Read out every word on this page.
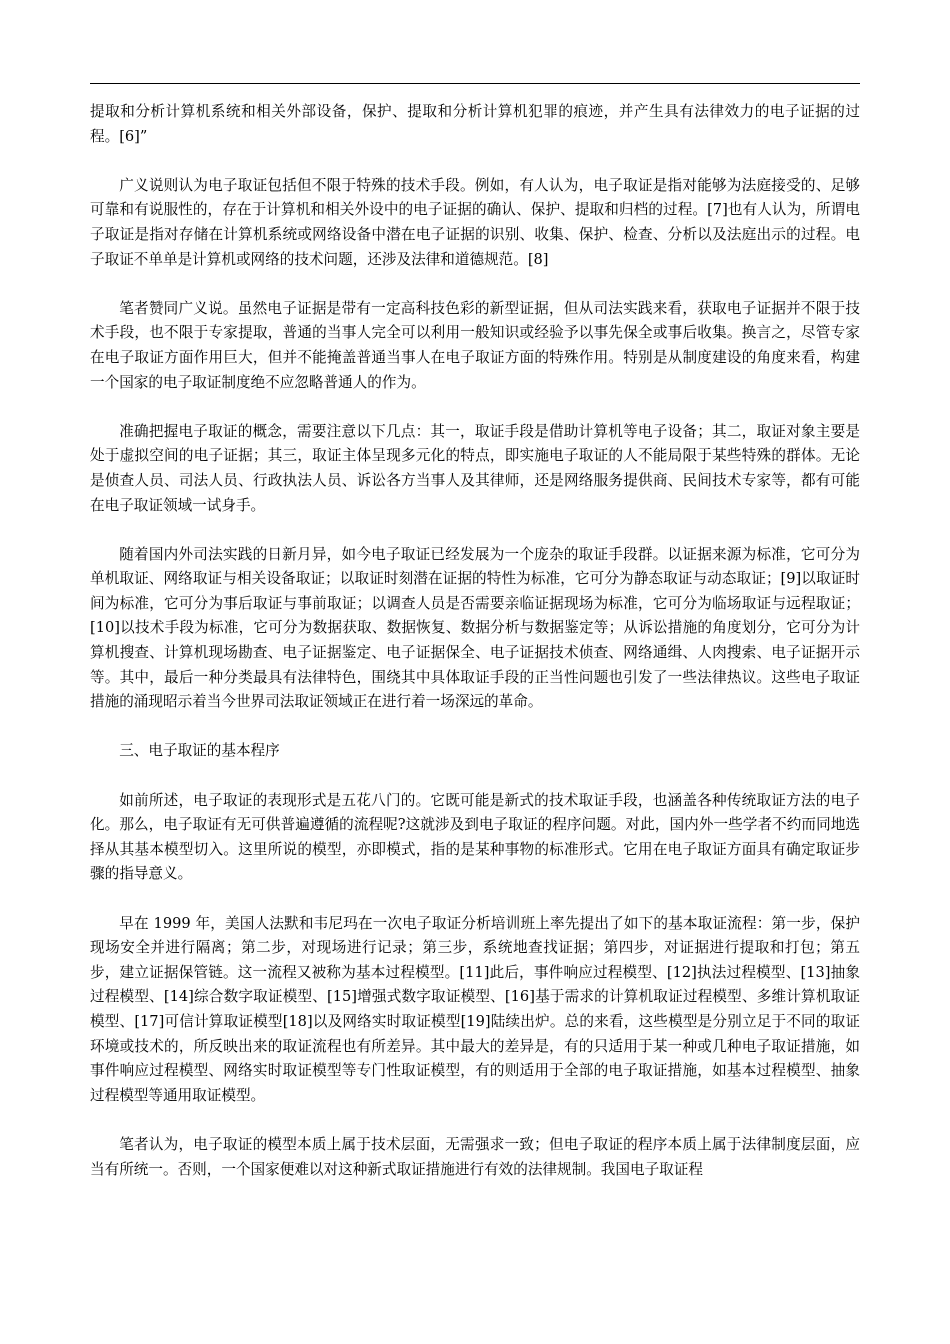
提取和分析计算机系统和相关外部设备，保护、提取和分析计算机犯罪的痕迹，并产生具有法律效力的电子证据的过程。[6]”

广义说则认为电子取证包括但不限于特殊的技术手段。例如，有人认为，电子取证是指对能够为法庭接受的、足够可靠和有说服性的，存在于计算机和相关外设中的电子证据的确认、保护、提取和归档的过程。[7]也有人认为，所谓电子取证是指对存储在计算机系统或网络设备中潜在电子证据的识别、收集、保护、检查、分析以及法庭出示的过程。电子取证不单单是计算机或网络的技术问题，还涉及法律和道德规范。[8]

笔者赞同广义说。虽然电子证据是带有一定高科技色彩的新型证据，但从司法实践来看，获取电子证据并不限于技术手段，也不限于专家提取，普通的当事人完全可以利用一般知识或经验予以事先保全或事后收集。换言之，尽管专家在电子取证方面作用巨大，但并不能掩盖普通当事人在电子取证方面的特殊作用。特别是从制度建设的角度来看，构建一个国家的电子取证制度绝不应忽略普通人的作为。

准确把握电子取证的概念，需要注意以下几点：其一，取证手段是借助计算机等电子设备；其二，取证对象主要是处于虚拟空间的电子证据；其三，取证主体呈现多元化的特点，即实施电子取证的人不能局限于某些特殊的群体。无论是侦查人员、司法人员、行政执法人员、诉讼各方当事人及其律师，还是网络服务提供商、民间技术专家等，都有可能在电子取证领域一试身手。

随着国内外司法实践的日新月异，如今电子取证已经发展为一个庞杂的取证手段群。以证据来源为标准，它可分为单机取证、网络取证与相关设备取证；以取证时刻潜在证据的特性为标准，它可分为静态取证与动态取证；[9]以取证时间为标准，它可分为事后取证与事前取证；以调查人员是否需要亲临证据现场为标准，它可分为临场取证与远程取证；[10]以技术手段为标准，它可分为数据获取、数据恢复、数据分析与数据鉴定等；从诉讼措施的角度划分，它可分为计算机搜查、计算机现场勘查、电子证据鉴定、电子证据保全、电子证据技术侦查、网络通缉、人肉搜索、电子证据开示等。其中，最后一种分类最具有法律特色，围绕其中具体取证手段的正当性问题也引发了一些法律热议。这些电子取证措施的涌现昭示着当今世界司法取证领域正在进行着一场深远的革命。

三、电子取证的基本程序

如前所述，电子取证的表现形式是五花八门的。它既可能是新式的技术取证手段，也涵盖各种传统取证方法的电子化。那么，电子取证有无可供普遍遵循的流程呢?这就涉及到电子取证的程序问题。对此，国内外一些学者不约而同地选择从其基本模型切入。这里所说的模型，亦即模式，指的是某种事物的标准形式。它用在电子取证方面具有确定取证步骤的指导意义。

早在 1999 年，美国人法默和韦尼玛在一次电子取证分析培训班上率先提出了如下的基本取证流程：第一步，保护现场安全并进行隔离；第二步，对现场进行记录；第三步，系统地查找证据；第四步，对证据进行提取和打包；第五步，建立证据保管链。这一流程又被称为基本过程模型。[11]此后，事件响应过程模型、[12]执法过程模型、[13]抽象过程模型、[14]综合数字取证模型、[15]增强式数字取证模型、[16]基于需求的计算机取证过程模型、多维计算机取证模型、[17]可信计算取证模型[18]以及网络实时取证模型[19]陆续出炉。总的来看，这些模型是分别立足于不同的取证环境或技术的，所反映出来的取证流程也有所差异。其中最大的差异是，有的只适用于某一种或几种电子取证措施，如事件响应过程模型、网络实时取证模型等专门性取证模型，有的则适用于全部的电子取证措施，如基本过程模型、抽象过程模型等通用取证模型。

笔者认为，电子取证的模型本质上属于技术层面，无需强求一致；但电子取证的程序本质上属于法律制度层面，应当有所统一。否则，一个国家便难以对这种新式取证措施进行有效的法律规制。我国电子取证程
